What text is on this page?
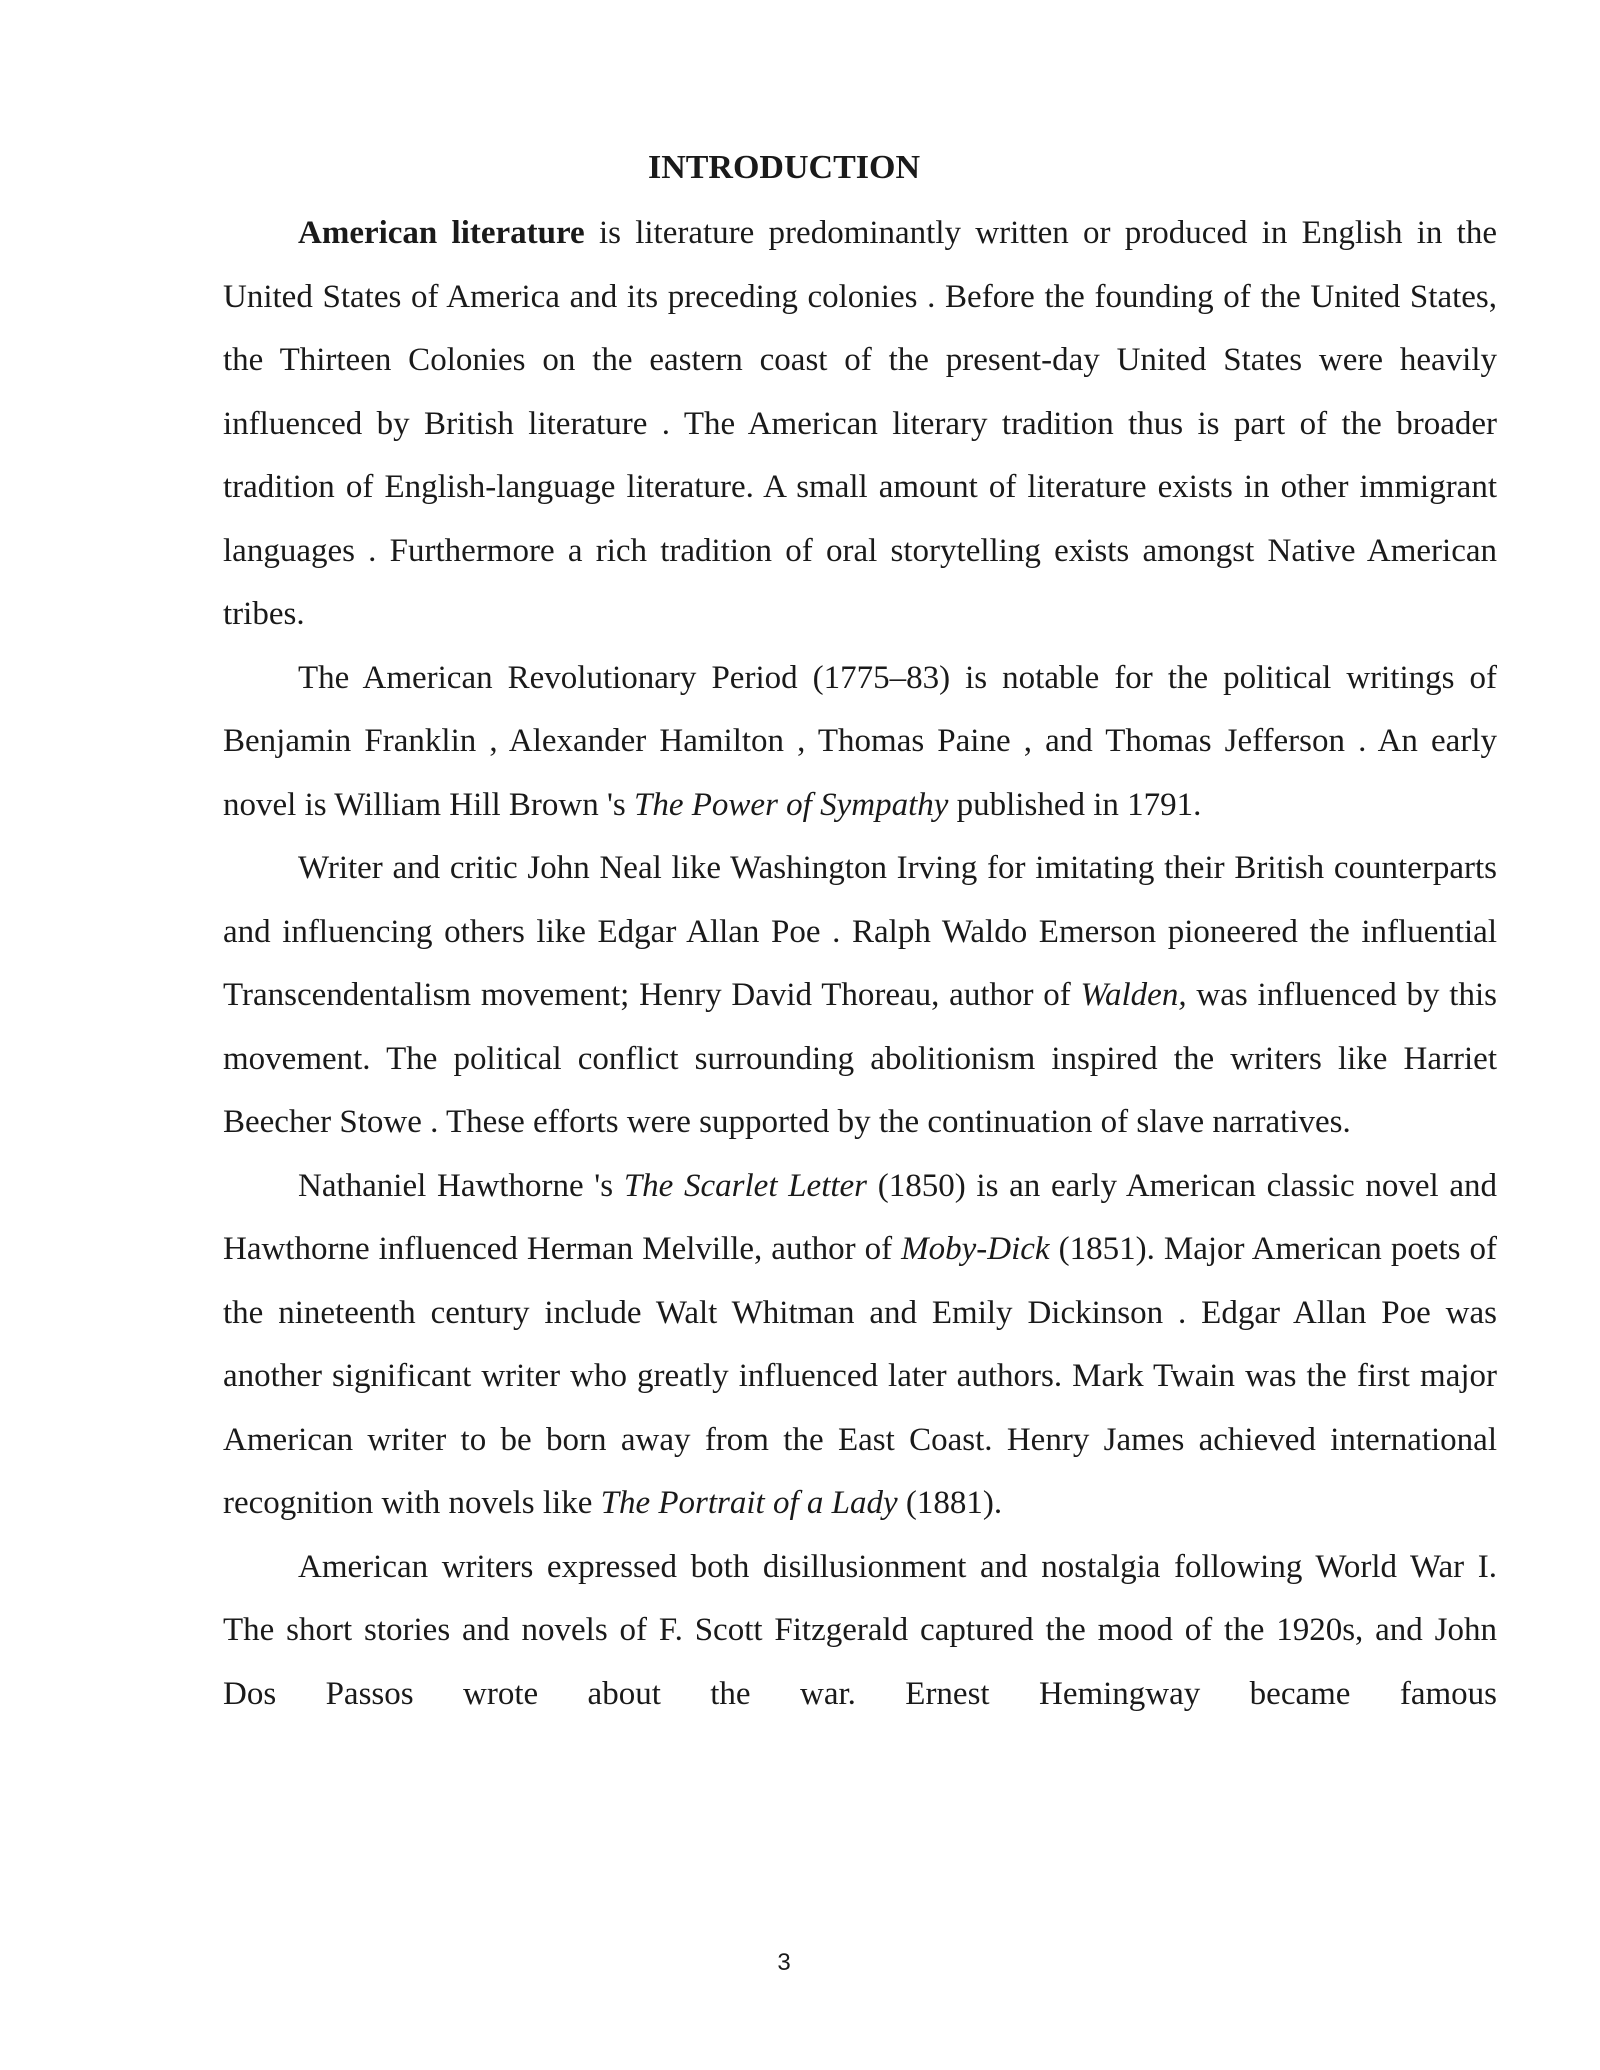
INTRODUCTION

American literature is literature predominantly written or produced in English in the United States of America and its preceding colonies . Before the founding of the United States, the Thirteen Colonies on the eastern coast of the present-day United States were heavily influenced by British literature . The American literary tradition thus is part of the broader tradition of English-language literature. A small amount of literature exists in other immigrant languages . Furthermore a rich tradition of oral storytelling exists amongst Native American tribes.

The American Revolutionary Period (1775–83) is notable for the political writings of Benjamin Franklin , Alexander Hamilton , Thomas Paine , and Thomas Jefferson . An early novel is William Hill Brown 's The Power of Sympathy published in 1791.

Writer and critic John Neal like Washington Irving for imitating their British counterparts and influencing others like Edgar Allan Poe . Ralph Waldo Emerson pioneered the influential Transcendentalism movement; Henry David Thoreau, author of Walden, was influenced by this movement. The political conflict surrounding abolitionism inspired the writers like Harriet Beecher Stowe . These efforts were supported by the continuation of slave narratives.

Nathaniel Hawthorne 's The Scarlet Letter (1850) is an early American classic novel and Hawthorne influenced Herman Melville, author of Moby-Dick (1851). Major American poets of the nineteenth century include Walt Whitman and Emily Dickinson . Edgar Allan Poe was another significant writer who greatly influenced later authors. Mark Twain was the first major American writer to be born away from the East Coast. Henry James achieved international recognition with novels like The Portrait of a Lady (1881).

American writers expressed both disillusionment and nostalgia following World War I. The short stories and novels of F. Scott Fitzgerald captured the mood of the 1920s, and John Dos Passos wrote about the war. Ernest Hemingway became famous

3
